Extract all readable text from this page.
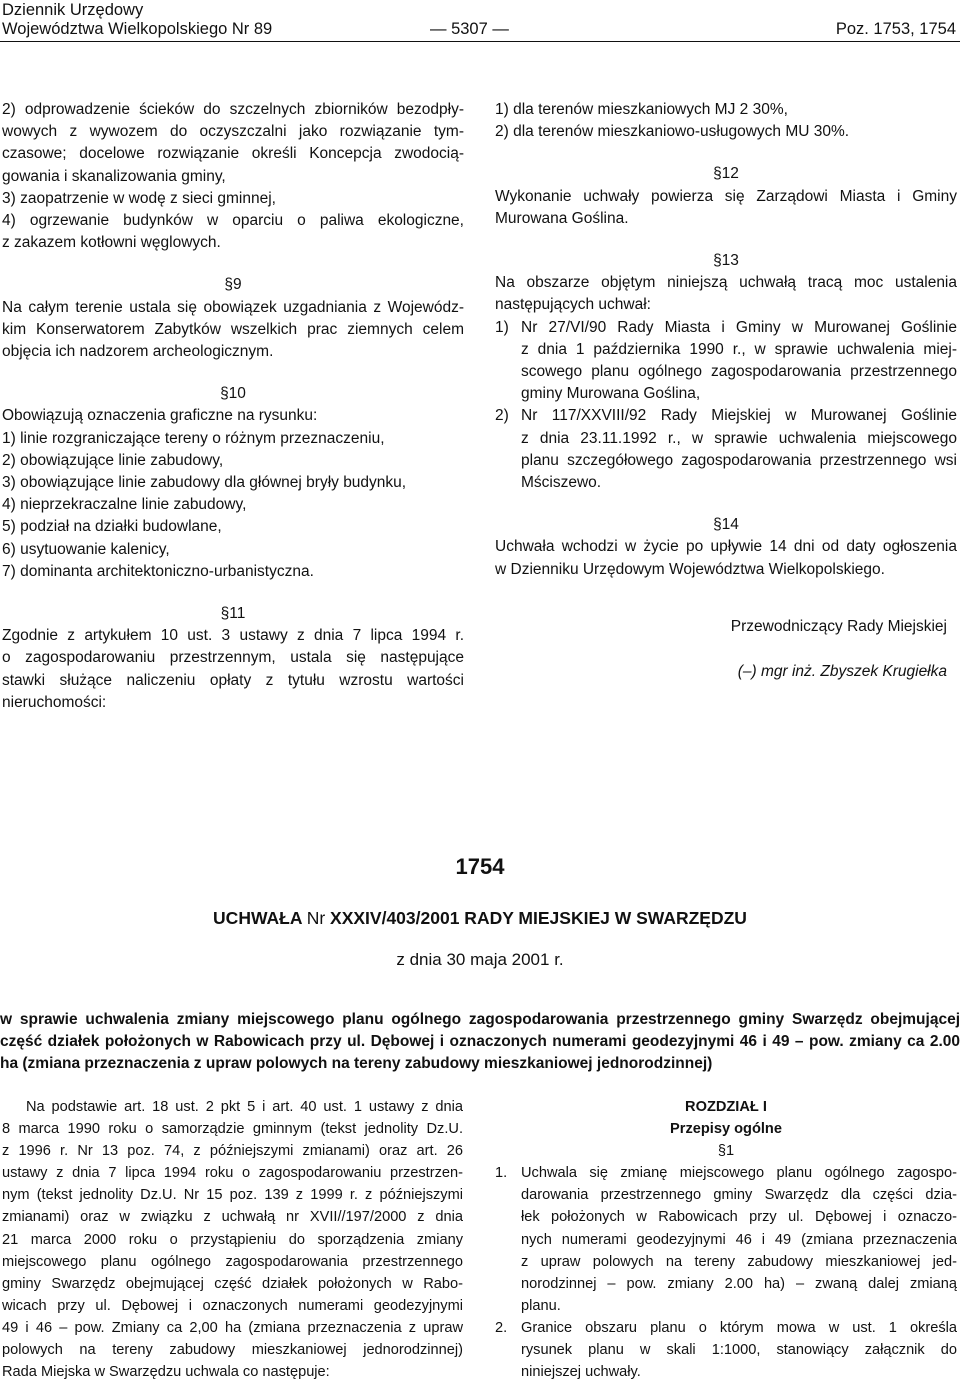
Dziennik Urzędowy
Województwa Wielkopolskiego Nr 89	— 5307 —	Poz. 1753, 1754

2) odprowadzenie ścieków do szczelnych zbiorników bezodpły-

wowych z wywozem do oczyszczalni jako rozwiązanie tym-

czasowe; docelowe rozwiązanie określi Koncepcja zwodocią-

gowania i skanalizowania gminy,

3) zaopatrzenie w wodę z sieci gminnej,

4) ogrzewanie budynków w oparciu o paliwa ekologiczne,

z zakazem kotłowni węglowych.

§9

Na całym terenie ustala się obowiązek uzgadniania z Wojewódz-

kim Konserwatorem Zabytków wszelkich prac ziemnych celem

objęcia ich nadzorem archeologicznym.

§10

Obowiązują oznaczenia graficzne na rysunku:

1) linie rozgraniczające tereny o różnym przeznaczeniu,

2) obowiązujące linie zabudowy,

3) obowiązujące linie zabudowy dla głównej bryły budynku,

4) nieprzekraczalne linie zabudowy,

5) podział na działki budowlane,

6) usytuowanie kalenicy,

7) dominanta architektoniczno-urbanistyczna.

§11

Zgodnie z artykułem 10 ust. 3 ustawy z dnia 7 lipca 1994 r.

o zagospodarowaniu przestrzennym, ustala się następujące

stawki służące naliczeniu opłaty z tytułu wzrostu wartości

nieruchomości:

1) dla terenów mieszkaniowych MJ 2 30%,

2) dla terenów mieszkaniowo-usługowych MU 30%.

§12

Wykonanie uchwały powierza się Zarządowi Miasta i Gminy

Murowana Goślina.

§13

Na obszarze objętym niniejszą uchwałą tracą moc ustalenia

następujących uchwał:

1) Nr 27/VI/90 Rady Miasta i Gminy w Murowanej Goślinie

z dnia 1 października 1990 r., w sprawie uchwalenia miej-

scowego planu ogólnego zagospodarowania przestrzennego

gminy Murowana Goślina,

2) Nr 117/XXVIII/92 Rady Miejskiej w Murowanej Goślinie

z dnia 23.11.1992 r., w sprawie uchwalenia miejscowego

planu szczegółowego zagospodarowania przestrzennego wsi

Mściszewo.

§14

Uchwała wchodzi w życie po upływie 14 dni od daty ogłoszenia

w Dzienniku Urzędowym Województwa Wielkopolskiego.

Przewodniczący Rady Miejskiej

(–) mgr inż. Zbyszek Krugiełka

1754
UCHWAŁA Nr XXXIV/403/2001 RADY MIEJSKIEJ W SWARZĘDZU
z dnia 30 maja 2001 r.

w sprawie uchwalenia zmiany miejscowego planu ogólnego zagospodarowania przestrzennego gminy Swarzędz obejmującej

część działek położonych w Rabowicach przy ul. Dębowej i oznaczonych numerami geodezyjnymi 46 i 49 – pow. zmiany ca 2.00

ha (zmiana przeznaczenia z upraw polowych na tereny zabudowy mieszkaniowej jednorodzinnej)

Na podstawie art. 18 ust. 2 pkt 5 i art. 40 ust. 1 ustawy z dnia

8 marca 1990 roku o samorządzie gminnym (tekst jednolity Dz.U.

z 1996 r. Nr 13 poz. 74, z późniejszymi zmianami) oraz art. 26

ustawy z dnia 7 lipca 1994 roku o zagospodarowaniu przestrzen-

nym (tekst jednolity Dz.U. Nr 15 poz. 139 z 1999 r. z późniejszymi

zmianami) oraz w związku z uchwałą nr XVII//197/2000 z dnia

21 marca 2000 roku o przystąpieniu do sporządzenia zmiany

miejscowego planu ogólnego zagospodarowania przestrzennego

gminy Swarzędz obejmującej część działek położonych w Rabo-

wicach przy ul. Dębowej i oznaczonych numerami geodezyjnymi

49 i 46 – pow. Zmiany ca 2,00 ha (zmiana przeznaczenia z upraw

polowych na tereny zabudowy mieszkaniowej jednorodzinnej)

Rada Miejska w Swarzędzu uchwala co następuje:

ROZDZIAŁ I

Przepisy ogólne

§1

1. Uchwala się zmianę miejscowego planu ogólnego zagospo-

darowania przestrzennego gminy Swarzędz dla części dzia-

łek położonych w Rabowicach przy ul. Dębowej i oznaczo-

nych numerami geodezyjnymi 46 i 49 (zmiana przeznaczenia

z upraw polowych na tereny zabudowy mieszkaniowej jed-

norodzinnej – pow. zmiany 2.00 ha) – zwaną dalej zmianą

planu.

2. Granice obszaru planu o którym mowa w ust. 1 określa

rysunek planu w skali 1:1000, stanowiący załącznik do

niniejszej uchwały.
